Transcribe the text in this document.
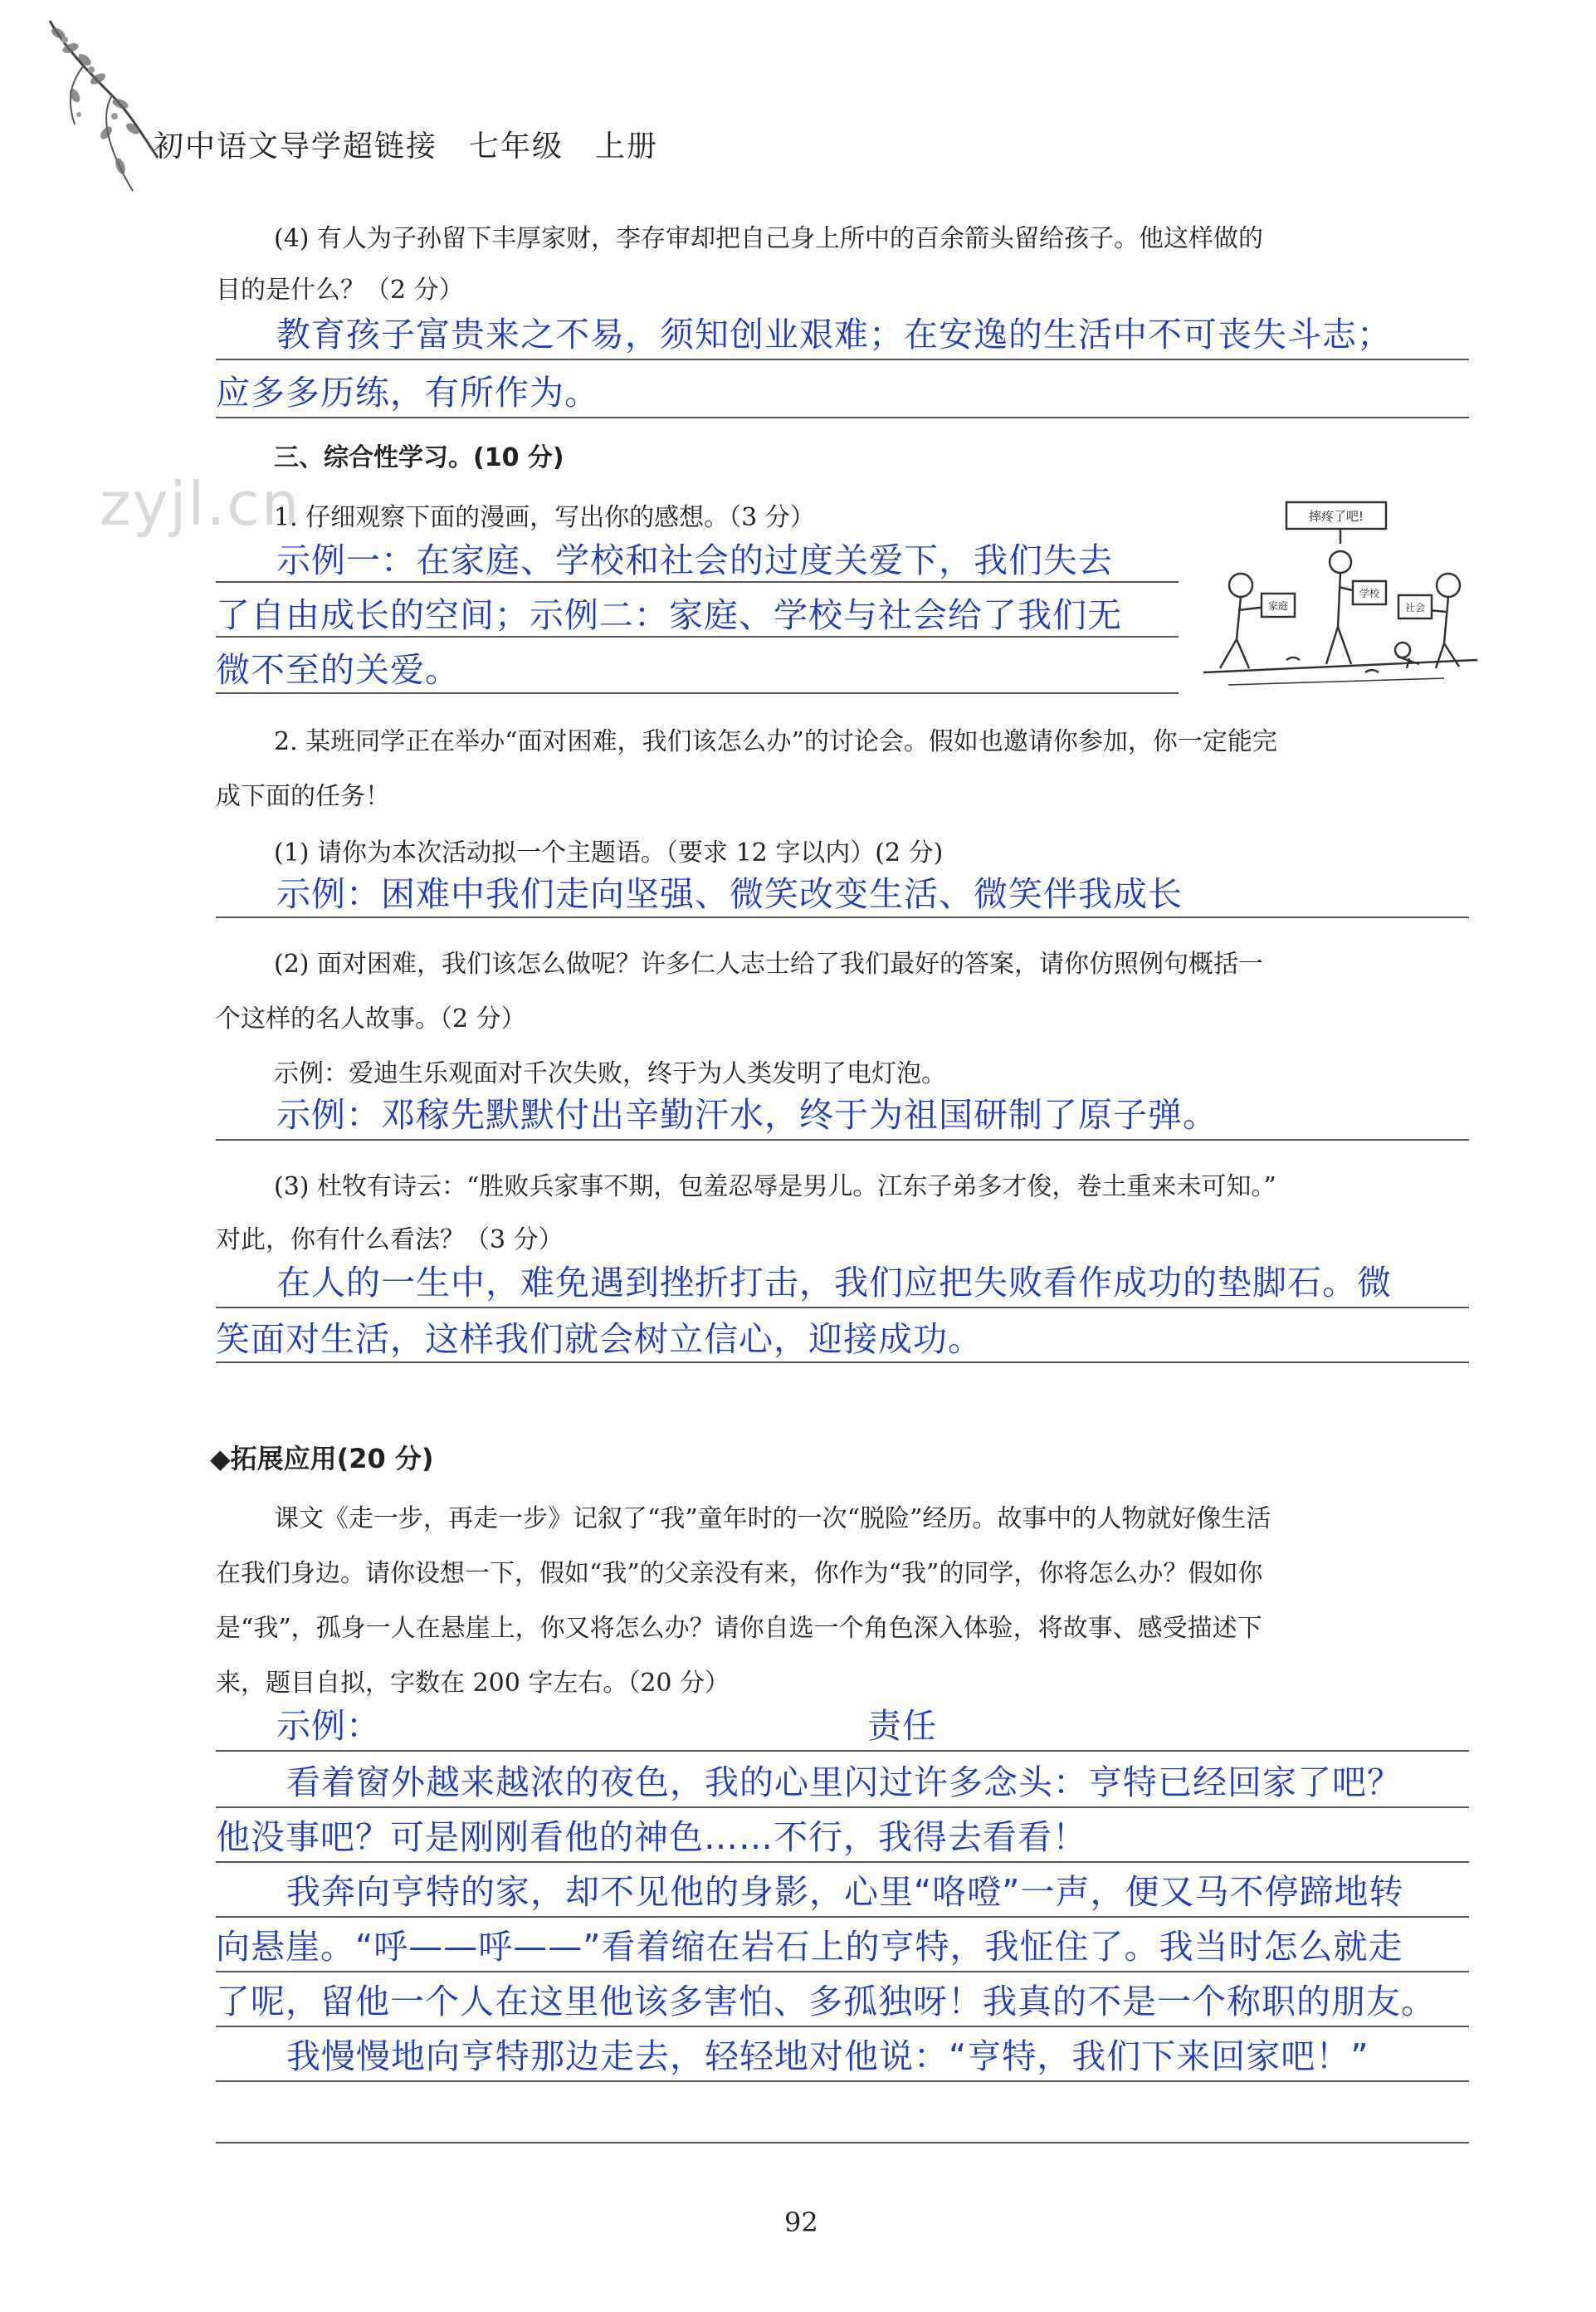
初中语文导学超链接　七年级　上册
zyjl.cn
(4) 有人为子孙留下丰厚家财，李存审却把自己身上所中的百余箭头留给孩子。他这样做的
目的是什么？（2 分）
教育孩子富贵来之不易，须知创业艰难；在安逸的生活中不可丧失斗志；
应多多历练，有所作为。
三、综合性学习。(10 分)
1. 仔细观察下面的漫画，写出你的感想。（3 分）
示例一：在家庭、学校和社会的过度关爱下，我们失去
了自由成长的空间；示例二：家庭、学校与社会给了我们无
微不至的关爱。
摔疼了吧!
家庭
学校
社会
2. 某班同学正在举办“面对困难，我们该怎么办”的讨论会。假如也邀请你参加，你一定能完
成下面的任务！
(1) 请你为本次活动拟一个主题语。（要求 12 字以内）(2 分)
示例：困难中我们走向坚强、微笑改变生活、微笑伴我成长
(2) 面对困难，我们该怎么做呢？许多仁人志士给了我们最好的答案，请你仿照例句概括一
个这样的名人故事。（2 分）
示例：爱迪生乐观面对千次失败，终于为人类发明了电灯泡。
示例：邓稼先默默付出辛勤汗水，终于为祖国研制了原子弹。
(3) 杜牧有诗云：“胜败兵家事不期，包羞忍辱是男儿。江东子弟多才俊，卷土重来未可知。”
对此，你有什么看法？（3 分）
在人的一生中，难免遇到挫折打击，我们应把失败看作成功的垫脚石。微
笑面对生活，这样我们就会树立信心，迎接成功。
◆拓展应用(20 分)
课文《走一步，再走一步》记叙了“我”童年时的一次“脱险”经历。故事中的人物就好像生活
在我们身边。请你设想一下，假如“我”的父亲没有来，你作为“我”的同学，你将怎么办？假如你
是“我”，孤身一人在悬崖上，你又将怎么办？请你自选一个角色深入体验，将故事、感受描述下
来，题目自拟，字数在 200 字左右。（20 分）
示例：	责任
看着窗外越来越浓的夜色，我的心里闪过许多念头：亨特已经回家了吧？
他没事吧？可是刚刚看他的神色……不行，我得去看看！
我奔向亨特的家，却不见他的身影，心里“咯噔”一声，便又马不停蹄地转
向悬崖。“呼——呼——”看着缩在岩石上的亨特，我怔住了。我当时怎么就走
了呢，留他一个人在这里他该多害怕、多孤独呀！我真的不是一个称职的朋友。
我慢慢地向亨特那边走去，轻轻地对他说：“亨特，我们下来回家吧！”
92
